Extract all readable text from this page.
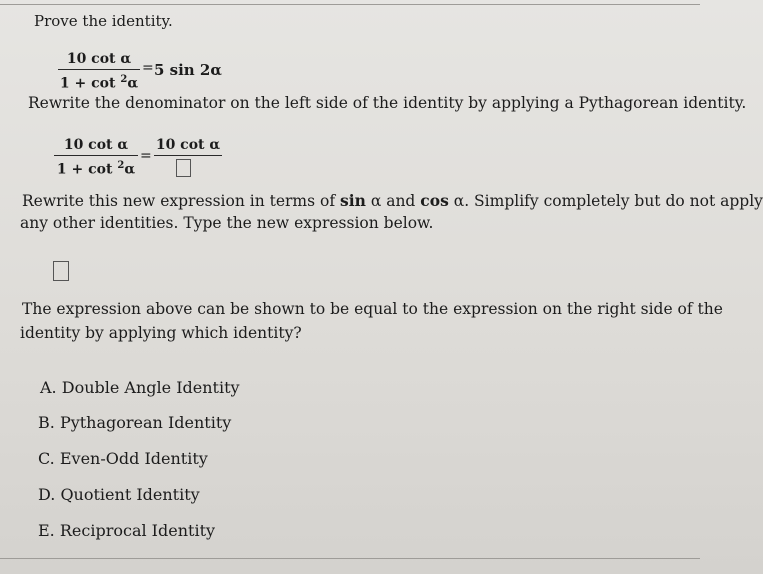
Prove the identity.
10 cot α
1 + cot $^2$α
= 5 sin 2α
Rewrite the denominator on the left side of the identity by applying a Pythagorean identity.
10 cot α
1 + cot $^2$α
=
10 cot α
Rewrite this new expression in terms of sin α and cos α. Simplify completely but do not apply
any other identities. Type the new expression below.
The expression above can be shown to be equal to the expression on the right side of the
identity by applying which identity?
A. Double Angle Identity
B. Pythagorean Identity
C. Even-Odd Identity
D. Quotient Identity
E. Reciprocal Identity
